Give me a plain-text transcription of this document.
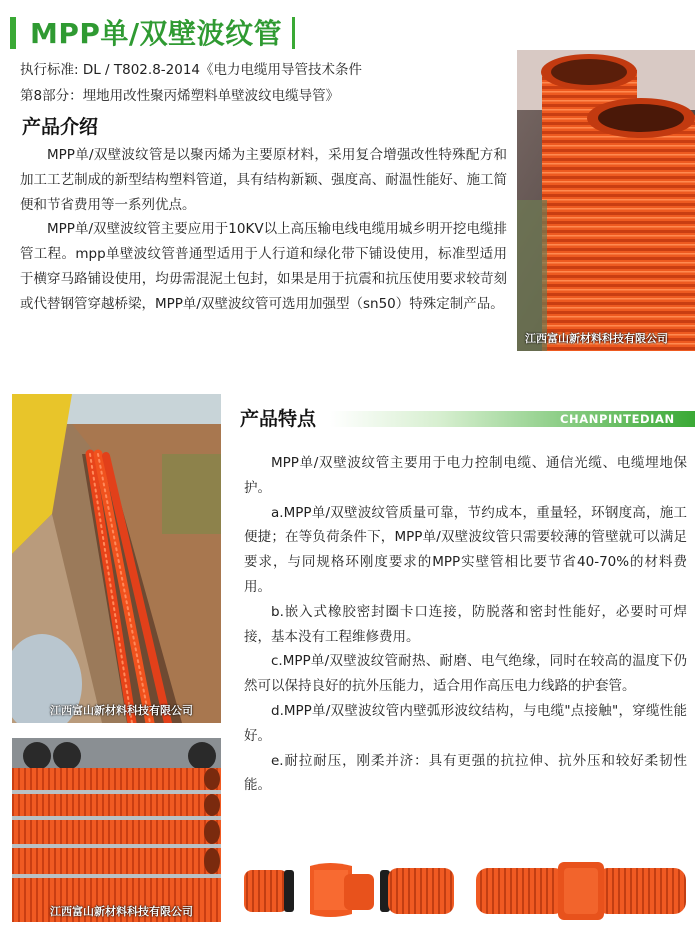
MPP单/双壁波纹管
执行标准: DL / T802.8-2014《电力电缆用导管技术条件
第8部分：埋地用改性聚丙烯塑料单壁波纹电缆导管》
产品介绍

MPP单/双壁波纹管是以聚丙烯为主要原材料，采用复合增强改性特殊配方和加工工艺制成的新型结构塑料管道，具有结构新颖、强度高、耐温性能好、施工简便和节省费用等一系列优点。

MPP单/双壁波纹管主要应用于10KV以上高压输电线电缆用城乡明开挖电缆排管工程。mpp单壁波纹管普通型适用于人行道和绿化带下铺设使用，标准型适用于横穿马路铺设使用，均毋需混泥土包封，如果是用于抗震和抗压使用要求较苛刻或代替钢管穿越桥梁，MPP单/双壁波纹管可选用加强型（sn50）特殊定制产品。

江西富山新材料科技有限公司
CHANPINTEDIAN
产品特点

MPP单/双壁波纹管主要用于电力控制电缆、通信光缆、电缆埋地保护。

a.MPP单/双壁波纹管质量可靠，节约成本，重量轻，环钢度高，施工便捷；在等负荷条件下，MPP单/双壁波纹管只需要较薄的管壁就可以满足要求，与同规格环刚度要求的MPP实壁管相比要节省40-70%的材料费用。

b.嵌入式橡胶密封圈卡口连接，防脱落和密封性能好，必要时可焊接，基本没有工程维修费用。

c.MPP单/双壁波纹管耐热、耐磨、电气绝缘，同时在较高的温度下仍然可以保持良好的抗外压能力，适合用作高压电力线路的护套管。

d.MPP单/双壁波纹管内壁弧形波纹结构，与电缆"点接触"，穿缆性能好。

e.耐拉耐压，刚柔并济：具有更强的抗拉伸、抗外压和较好柔韧性能。

江西富山新材料科技有限公司
江西富山新材料科技有限公司
